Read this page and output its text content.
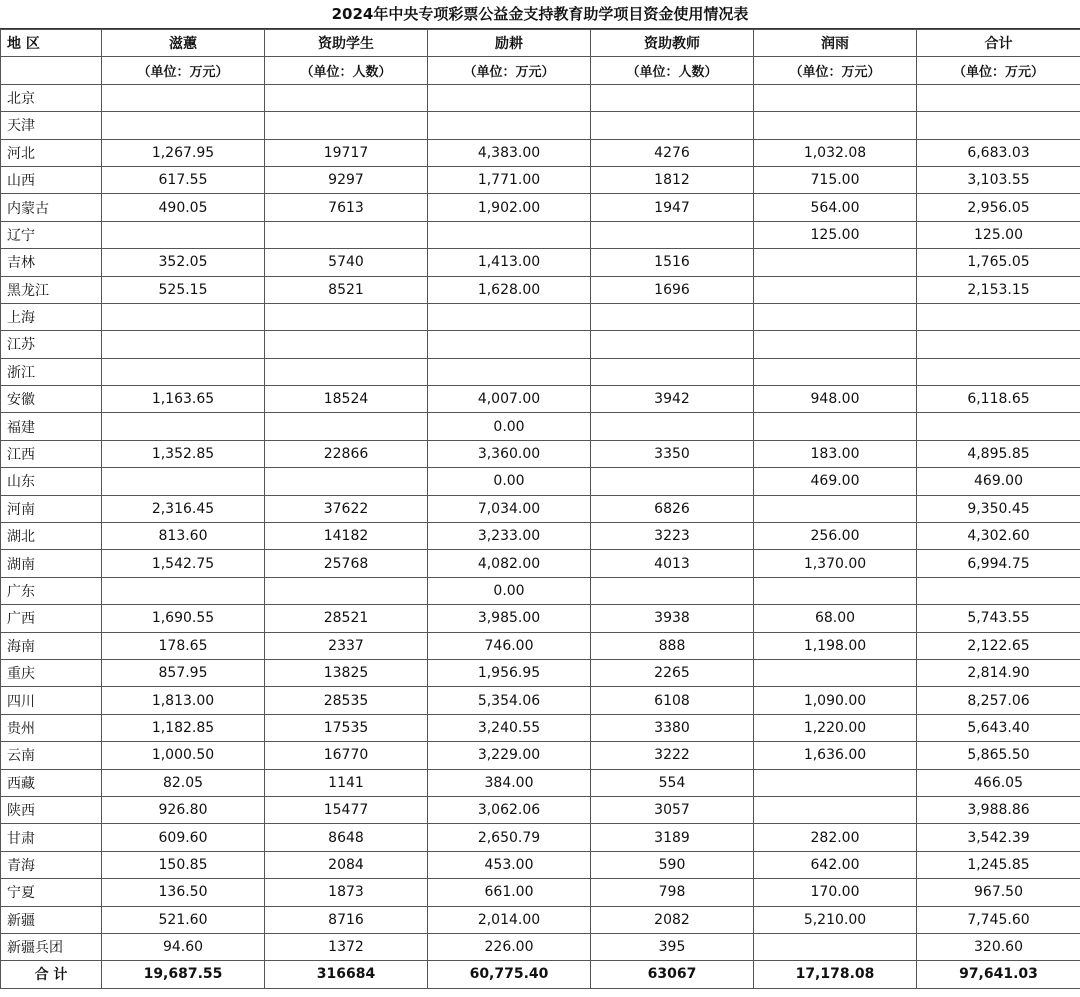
2024年中央专项彩票公益金支持教育助学项目资金使用情况表
地 区	滋蕙	资助学生	励耕	资助教师	润雨	合计
	（单位：万元）	（单位：人数）	（单位：万元）	（单位：人数）	（单位：万元）	（单位：万元）
北京						
天津						
河北	1,267.95	19717	4,383.00	4276	1,032.08	6,683.03
山西	617.55	9297	1,771.00	1812	715.00	3,103.55
内蒙古	490.05	7613	1,902.00	1947	564.00	2,956.05
辽宁					125.00	125.00
吉林	352.05	5740	1,413.00	1516		1,765.05
黑龙江	525.15	8521	1,628.00	1696		2,153.15
上海						
江苏						
浙江						
安徽	1,163.65	18524	4,007.00	3942	948.00	6,118.65
福建			0.00			
江西	1,352.85	22866	3,360.00	3350	183.00	4,895.85
山东			0.00		469.00	469.00
河南	2,316.45	37622	7,034.00	6826		9,350.45
湖北	813.60	14182	3,233.00	3223	256.00	4,302.60
湖南	1,542.75	25768	4,082.00	4013	1,370.00	6,994.75
广东			0.00			
广西	1,690.55	28521	3,985.00	3938	68.00	5,743.55
海南	178.65	2337	746.00	888	1,198.00	2,122.65
重庆	857.95	13825	1,956.95	2265		2,814.90
四川	1,813.00	28535	5,354.06	6108	1,090.00	8,257.06
贵州	1,182.85	17535	3,240.55	3380	1,220.00	5,643.40
云南	1,000.50	16770	3,229.00	3222	1,636.00	5,865.50
西藏	82.05	1141	384.00	554		466.05
陕西	926.80	15477	3,062.06	3057		3,988.86
甘肃	609.60	8648	2,650.79	3189	282.00	3,542.39
青海	150.85	2084	453.00	590	642.00	1,245.85
宁夏	136.50	1873	661.00	798	170.00	967.50
新疆	521.60	8716	2,014.00	2082	5,210.00	7,745.60
新疆兵团	94.60	1372	226.00	395		320.60
合 计	19,687.55	316684	60,775.40	63067	17,178.08	97,641.03
